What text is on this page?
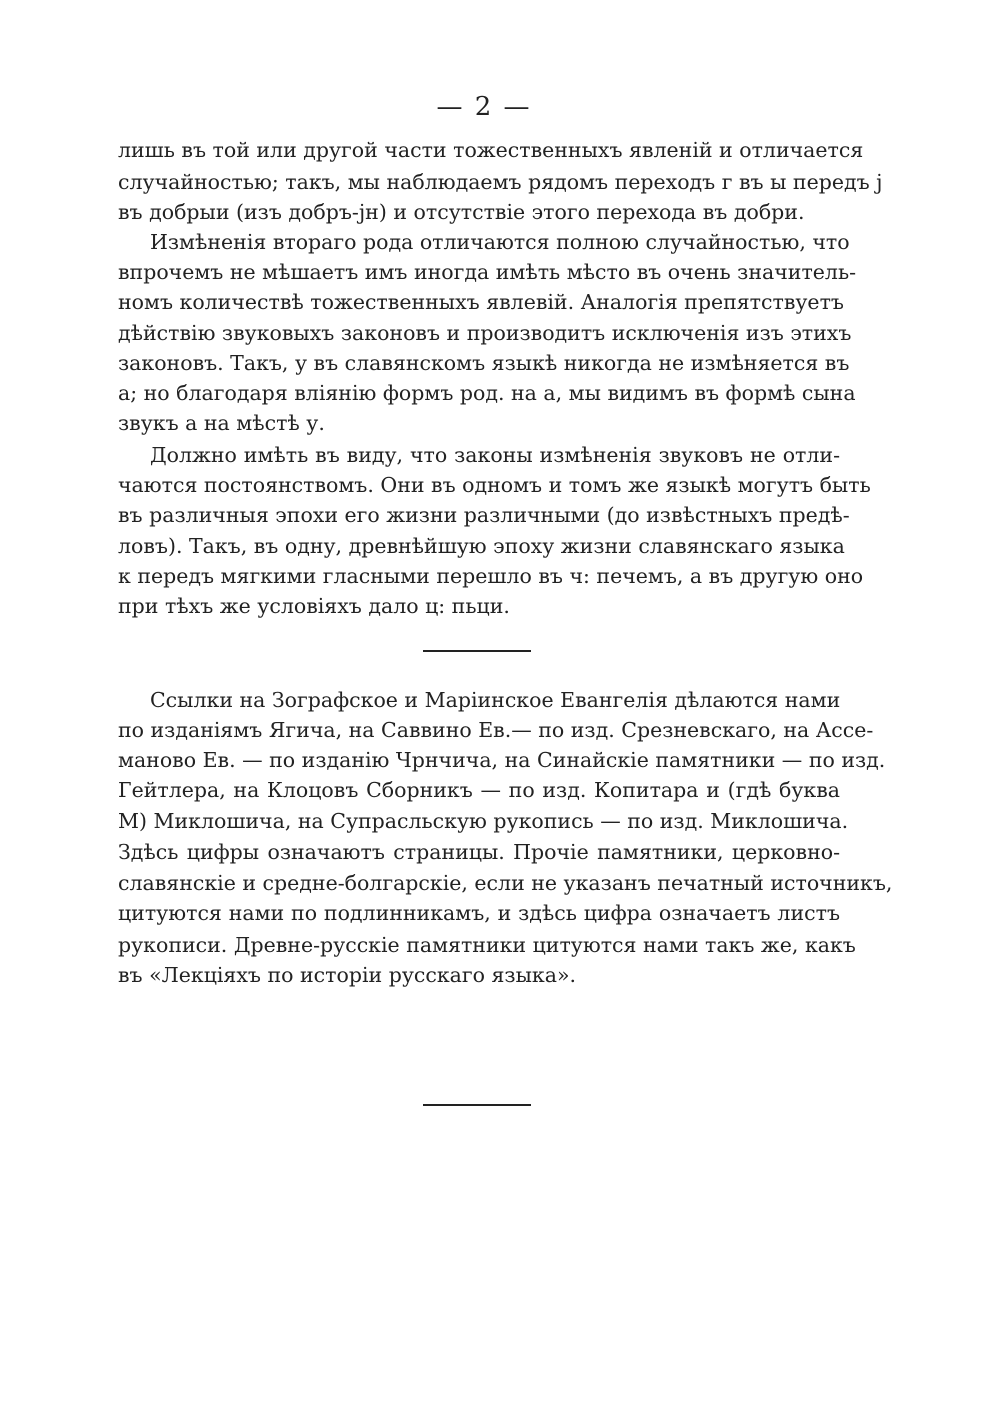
— 2 —
лишь въ той или другой части тожественныхъ явленій и отличается
случайностью; такъ, мы наблюдаемъ рядомъ переходъ г въ ы передъ j
въ добрыи (изъ добръ-јн) и отсутствіе этого перехода въ добри.
Измѣненія втораго рода отличаются полною случайностью, что
впрочемъ не мѣшаетъ имъ иногда имѣть мѣсто въ очень значитель-
номъ количествѣ тожественныхъ явлевій. Аналогія препятствуетъ
дѣйствію звуковыхъ законовъ и производитъ исключенія изъ этихъ
законовъ. Такъ, у въ славянскомъ языкѣ никогда не измѣняется въ
а; но благодаря вліянію формъ род. на а, мы видимъ въ формѣ сына
звукъ а на мѣстѣ у.
Должно имѣть въ виду, что законы измѣненія звуковъ не отли-
чаются постоянствомъ. Они въ одномъ и томъ же языкѣ могутъ быть
въ различныя эпохи его жизни различными (до извѣстныхъ предѣ-
ловъ). Такъ, въ одну, древнѣйшую эпоху жизни славянскаго языка
к передъ мягкими гласными перешло въ ч: печемъ, а въ другую оно
при тѣхъ же условіяхъ дало ц: пьци.
Ссылки на Зографское и Маріинское Евангелія дѣлаются нами
по изданіямъ Ягича, на Саввино Ев.— по изд. Срезневскаго, на Ассе-
маново Ев. — по изданію Чрнчича, на Синайскіе памятники — по изд.
Гейтлера, на Клоцовъ Сборникъ — по изд. Копитара и (гдѣ буква
М) Миклошича, на Супрасльскую рукопись — по изд. Миклошича.
Здѣсь цифры означаютъ страницы. Прочіе памятники, церковно-
славянскіе и средне-болгарскіе, если не указанъ печатный источникъ,
цитуются нами по подлинникамъ, и здѣсь цифра означаетъ листъ
рукописи. Древне-русскіе памятники цитуются нами такъ же, какъ
въ «Лекціяхъ по исторіи русскаго языка».
